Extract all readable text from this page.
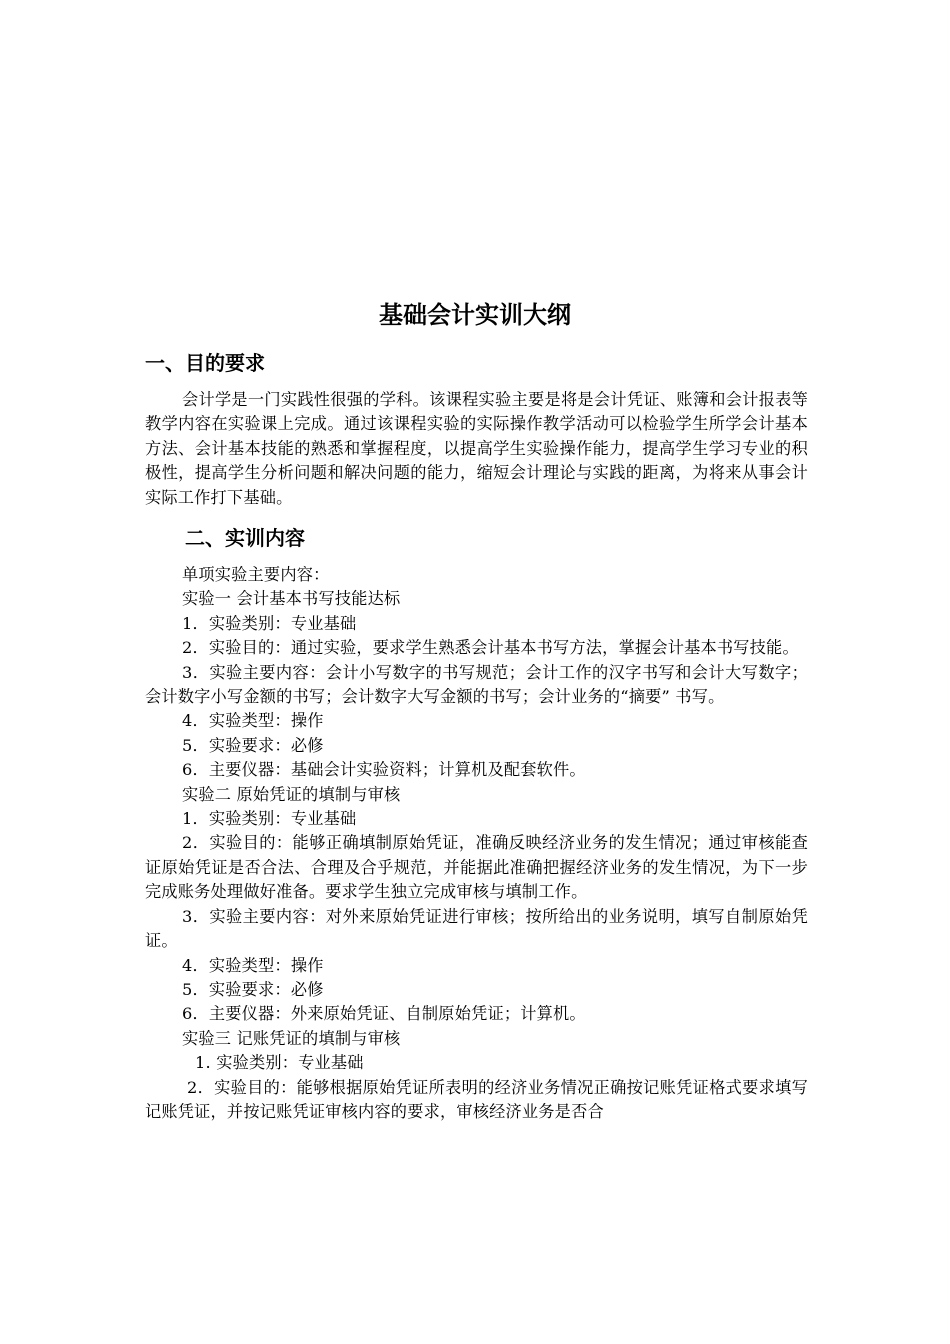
基础会计实训大纲
一、目的要求

会计学是一门实践性很强的学科。该课程实验主要是将是会计凭证、账簿和会计报表等教学内容在实验课上完成。通过该课程实验的实际操作教学活动可以检验学生所学会计基本方法、会计基本技能的熟悉和掌握程度，以提高学生实验操作能力，提高学生学习专业的积极性，提高学生分析问题和解决问题的能力，缩短会计理论与实践的距离，为将来从事会计实际工作打下基础。

二、实训内容

单项实验主要内容：

实验一 会计基本书写技能达标

1．实验类别：专业基础

2．实验目的：通过实验，要求学生熟悉会计基本书写方法，掌握会计基本书写技能。

3．实验主要内容：会计小写数字的书写规范；会计工作的汉字书写和会计大写数字；会计数字小写金额的书写；会计数字大写金额的书写；会计业务的“摘要” 书写。

4．实验类型：操作

5．实验要求：必修

6．主要仪器：基础会计实验资料；计算机及配套软件。

实验二 原始凭证的填制与审核

1．实验类别：专业基础

2．实验目的：能够正确填制原始凭证，准确反映经济业务的发生情况；通过审核能查证原始凭证是否合法、合理及合乎规范，并能据此准确把握经济业务的发生情况，为下一步完成账务处理做好准备。要求学生独立完成审核与填制工作。

3．实验主要内容：对外来原始凭证进行审核；按所给出的业务说明，填写自制原始凭证。

4．实验类型：操作

5．实验要求：必修

6．主要仪器：外来原始凭证、自制原始凭证；计算机。

实验三 记账凭证的填制与审核

1. 实验类别：专业基础

2．实验目的：能够根据原始凭证所表明的经济业务情况正确按记账凭证格式要求填写记账凭证，并按记账凭证审核内容的要求，审核经济业务是否合
